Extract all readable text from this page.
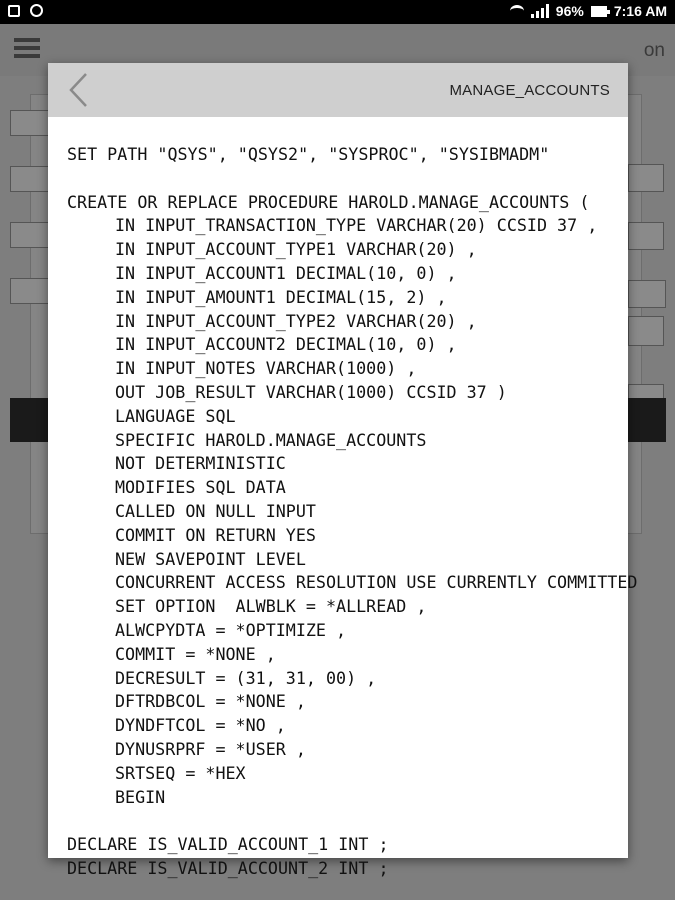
96% 7:16 AM
on
MANAGE_ACCOUNTS
SET PATH "QSYS", "QSYS2", "SYSPROC", "SYSIBMADM"
CREATE OR REPLACE PROCEDURE HAROLD.MANAGE_ACCOUNTS (
IN INPUT_TRANSACTION_TYPE VARCHAR(20) CCSID 37 ,
IN INPUT_ACCOUNT_TYPE1 VARCHAR(20) ,
IN INPUT_ACCOUNT1 DECIMAL(10, 0) ,
IN INPUT_AMOUNT1 DECIMAL(15, 2) ,
IN INPUT_ACCOUNT_TYPE2 VARCHAR(20) ,
IN INPUT_ACCOUNT2 DECIMAL(10, 0) ,
IN INPUT_NOTES VARCHAR(1000) ,
OUT JOB_RESULT VARCHAR(1000) CCSID 37 )
LANGUAGE SQL
SPECIFIC HAROLD.MANAGE_ACCOUNTS
NOT DETERMINISTIC
MODIFIES SQL DATA
CALLED ON NULL INPUT
COMMIT ON RETURN YES
NEW SAVEPOINT LEVEL
CONCURRENT ACCESS RESOLUTION USE CURRENTLY COMMITTED
SET OPTION  ALWBLK = *ALLREAD ,
ALWCPYDTA = *OPTIMIZE ,
COMMIT = *NONE ,
DECRESULT = (31, 31, 00) ,
DFTRDBCOL = *NONE ,
DYNDFTCOL = *NO ,
DYNUSRPRF = *USER ,
SRTSEQ = *HEX
BEGIN
DECLARE IS_VALID_ACCOUNT_1 INT ;
DECLARE IS_VALID_ACCOUNT_2 INT ;
